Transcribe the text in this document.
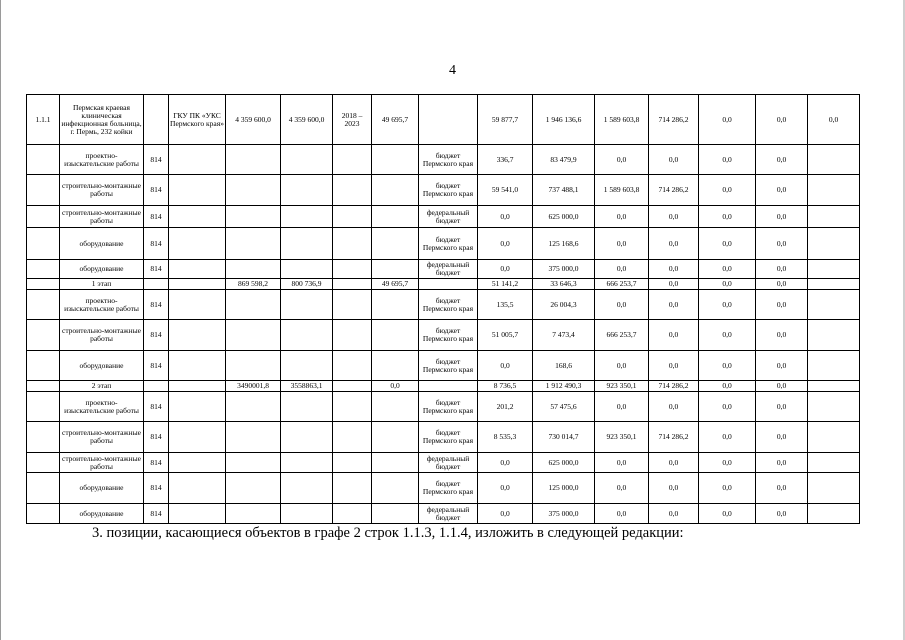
4
1.1.1	Пермская краевая клиническая инфекционная больница, г. Пермь, 232 койки		ГКУ ПК «УКС Пермского края»	4 359 600,0	4 359 600,0	2018 – 2023	49 695,7		59 877,7	1 946 136,6	1 589 603,8	714 286,2	0,0	0,0	0,0
	проектно-изыскательские работы	814						бюджет Пермского края	336,7	83 479,9	0,0	0,0	0,0	0,0	
	строительно-монтажные работы	814						бюджет Пермского края	59 541,0	737 488,1	1 589 603,8	714 286,2	0,0	0,0	
	строительно-монтажные работы	814						федеральный бюджет	0,0	625 000,0	0,0	0,0	0,0	0,0	
	оборудование	814						бюджет Пермского края	0,0	125 168,6	0,0	0,0	0,0	0,0	
	оборудование	814						федеральный бюджет	0,0	375 000,0	0,0	0,0	0,0	0,0	
	1 этап			869 598,2	800 736,9		49 695,7		51 141,2	33 646,3	666 253,7	0,0	0,0	0,0	
	проектно-изыскательские работы	814						бюджет Пермского края	135,5	26 004,3	0,0	0,0	0,0	0,0	
	строительно-монтажные работы	814						бюджет Пермского края	51 005,7	7 473,4	666 253,7	0,0	0,0	0,0	
	оборудование	814						бюджет Пермского края	0,0	168,6	0,0	0,0	0,0	0,0	
	2 этап			3490001,8	3558863,1		0,0		8 736,5	1 912 490,3	923 350,1	714 286,2	0,0	0,0	
	проектно-изыскательские работы	814						бюджет Пермского края	201,2	57 475,6	0,0	0,0	0,0	0,0	
	строительно-монтажные работы	814						бюджет Пермского края	8 535,3	730 014,7	923 350,1	714 286,2	0,0	0,0	
	строительно-монтажные работы	814						федеральный бюджет	0,0	625 000,0	0,0	0,0	0,0	0,0	
	оборудование	814						бюджет Пермского края	0,0	125 000,0	0,0	0,0	0,0	0,0	
	оборудование	814						федеральный бюджет	0,0	375 000,0	0,0	0,0	0,0	0,0	
3. позиции, касающиеся объектов в графе 2 строк 1.1.3, 1.1.4, изложить в следующей редакции:
